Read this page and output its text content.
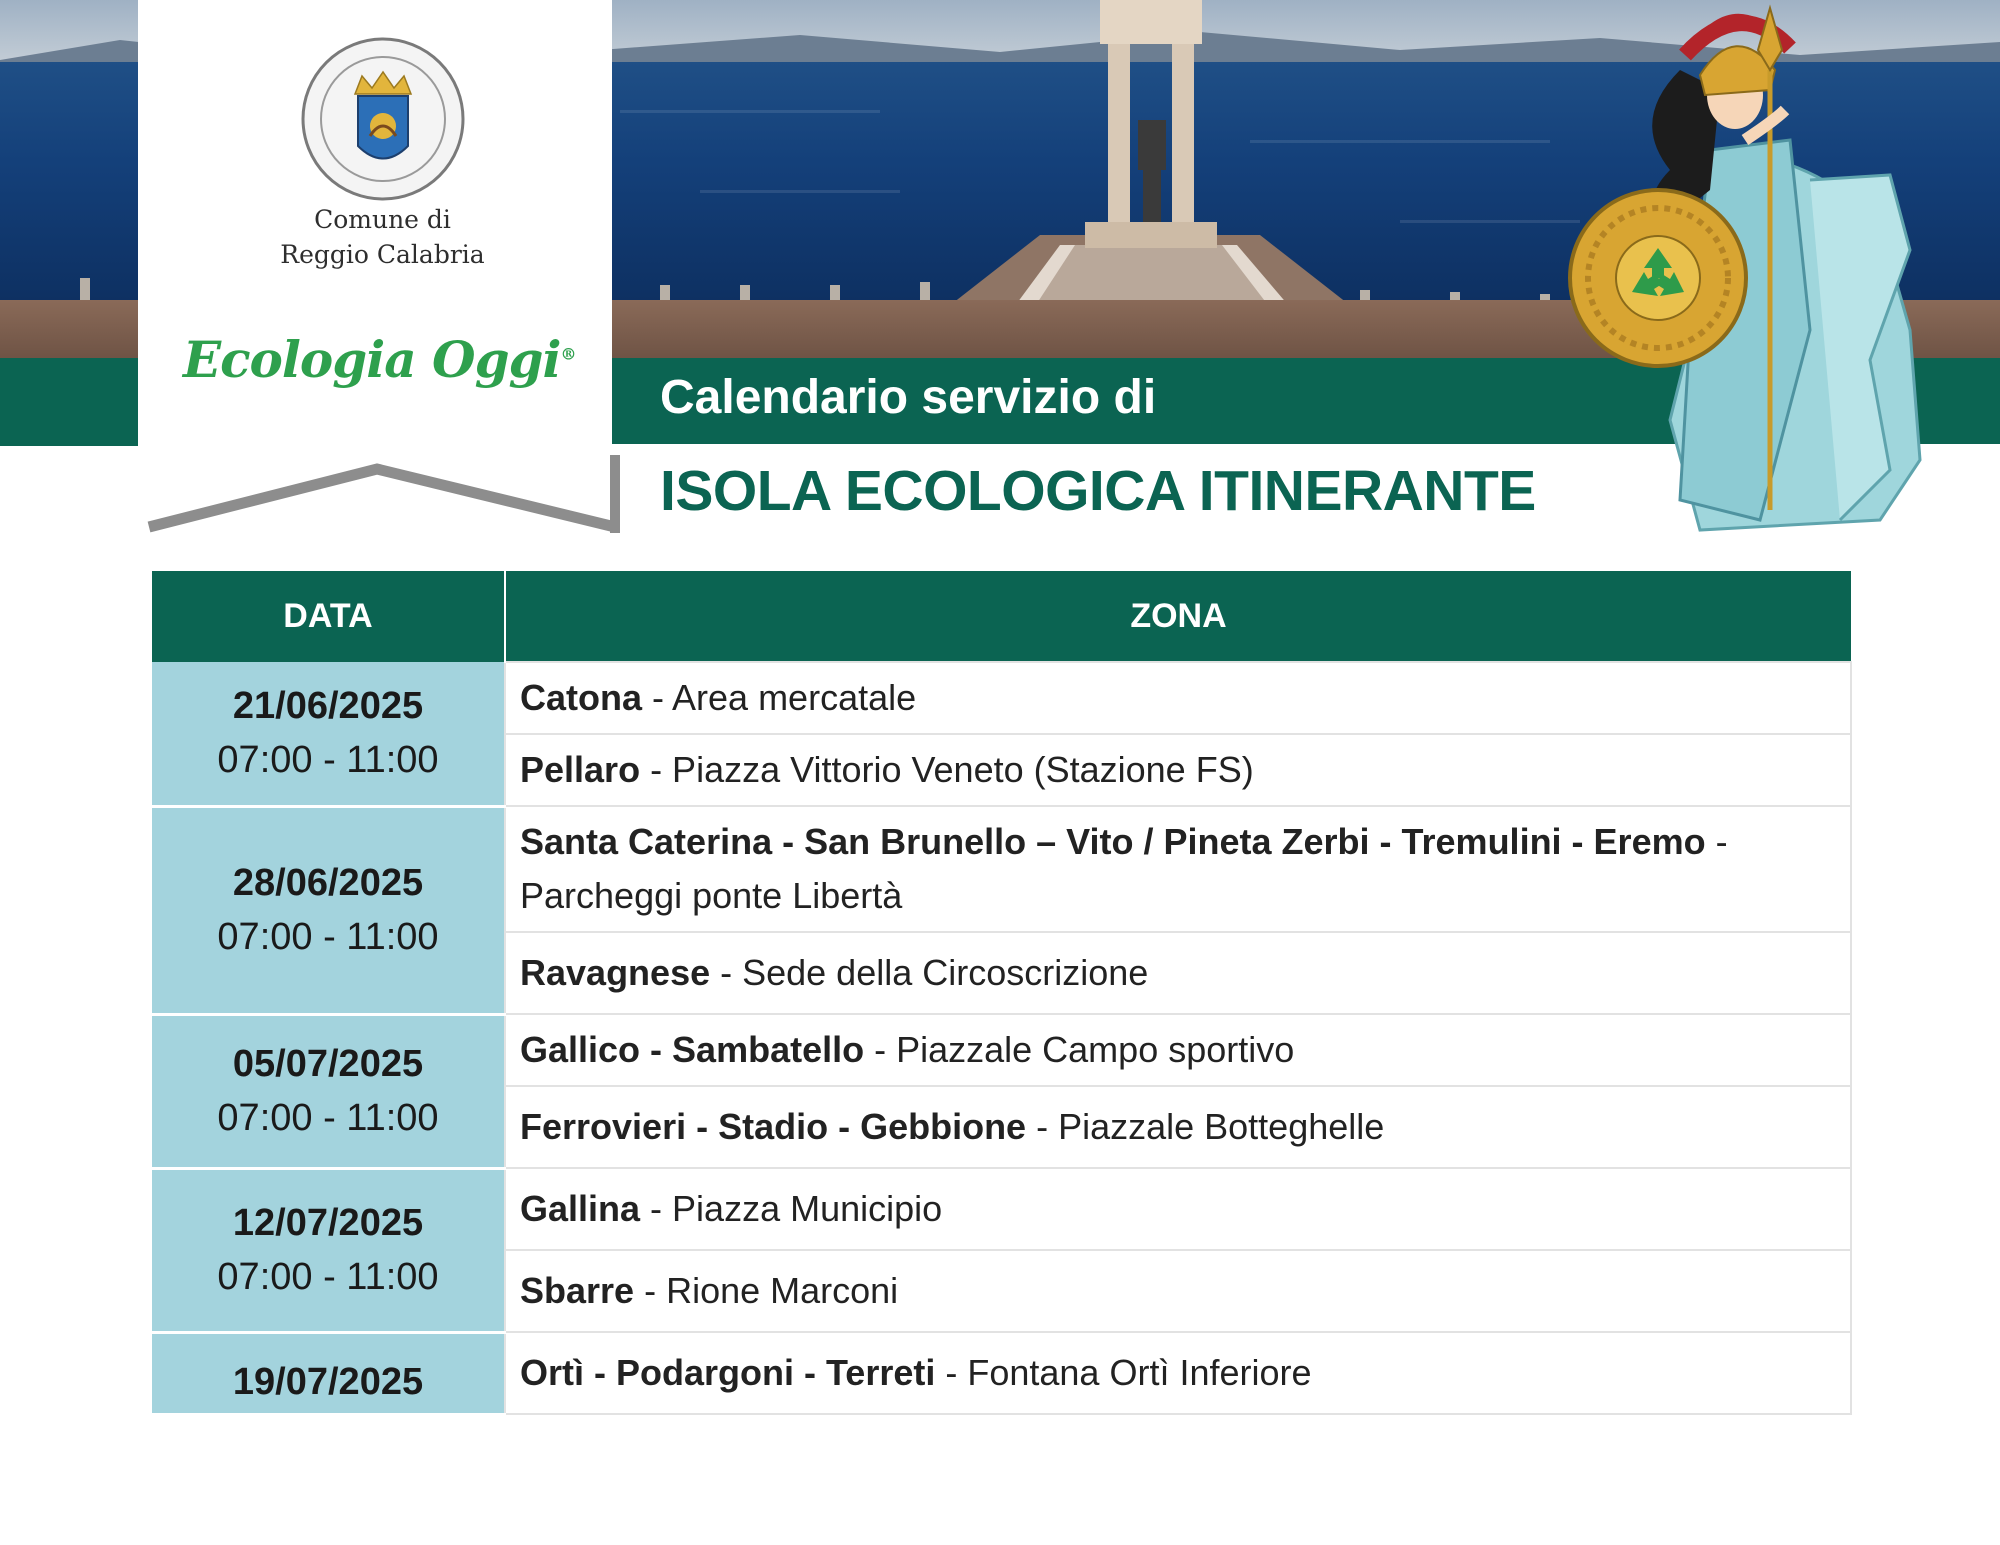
Comune di
Reggio Calabria
Ecologia Oggi®
Calendario servizio di
ISOLA ECOLOGICA ITINERANTE
DATA	ZONA

21/06/2025
07:00 - 11:00	Catona - Area mercatale
	Pellaro - Piazza Vittorio Veneto (Stazione FS)

28/06/2025
07:00 - 11:00	Santa Caterina - San Brunello – Vito / Pineta Zerbi - Tremulini - Eremo - Parcheggi ponte Libertà
	Ravagnese - Sede della Circoscrizione

05/07/2025
07:00 - 11:00	Gallico - Sambatello - Piazzale Campo sportivo
	Ferrovieri - Stadio - Gebbione - Piazzale Botteghelle

12/07/2025
07:00 - 11:00	Gallina - Piazza Municipio
	Sbarre - Rione Marconi

19/07/2025	Ortì - Podargoni - Terreti - Fontana Ortì Inferiore
